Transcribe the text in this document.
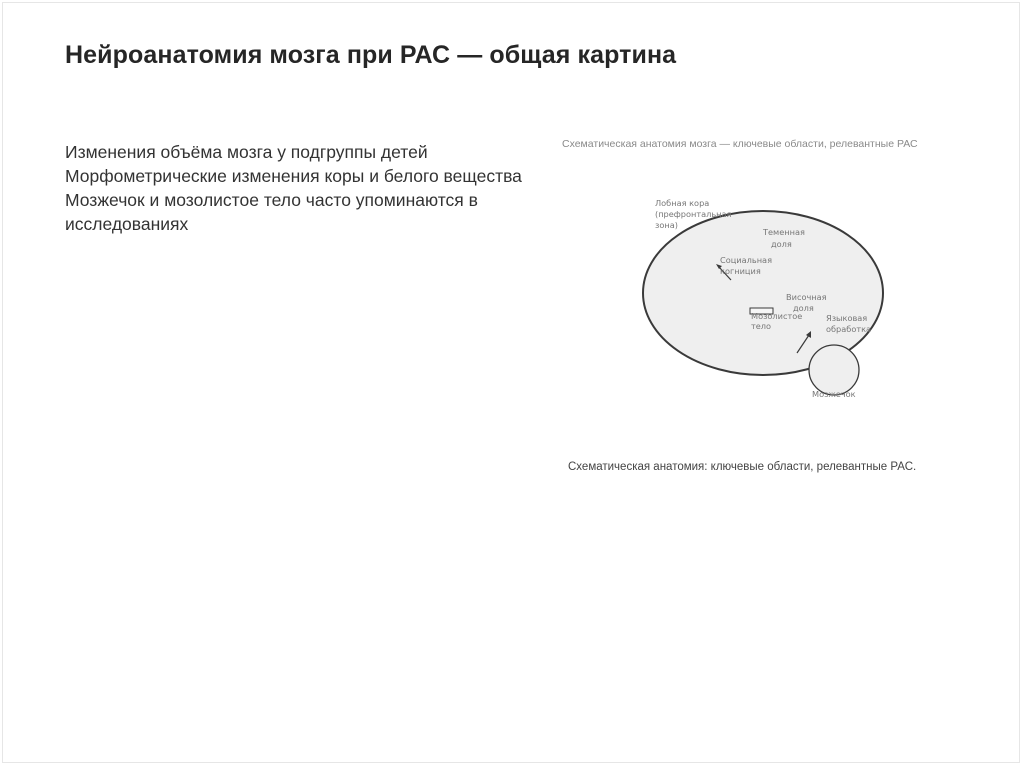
Нейроанатомия мозга при РАС — общая картина
Изменения объёма мозга у подгруппы детей
Морфометрические изменения коры и белого вещества
Мозжечок и мозолистое тело часто упоминаются в исследованиях
Схематическая анатомия мозга — ключевые области, релевантные РАС
Лобная кора
(префронтальная
зона)
Теменная
доля
Социальная
когниция
Височная
доля
Мозолистое
тело
Языковая
обработка
Мозжечок
Схематическая анатомия: ключевые области, релевантные РАС.
